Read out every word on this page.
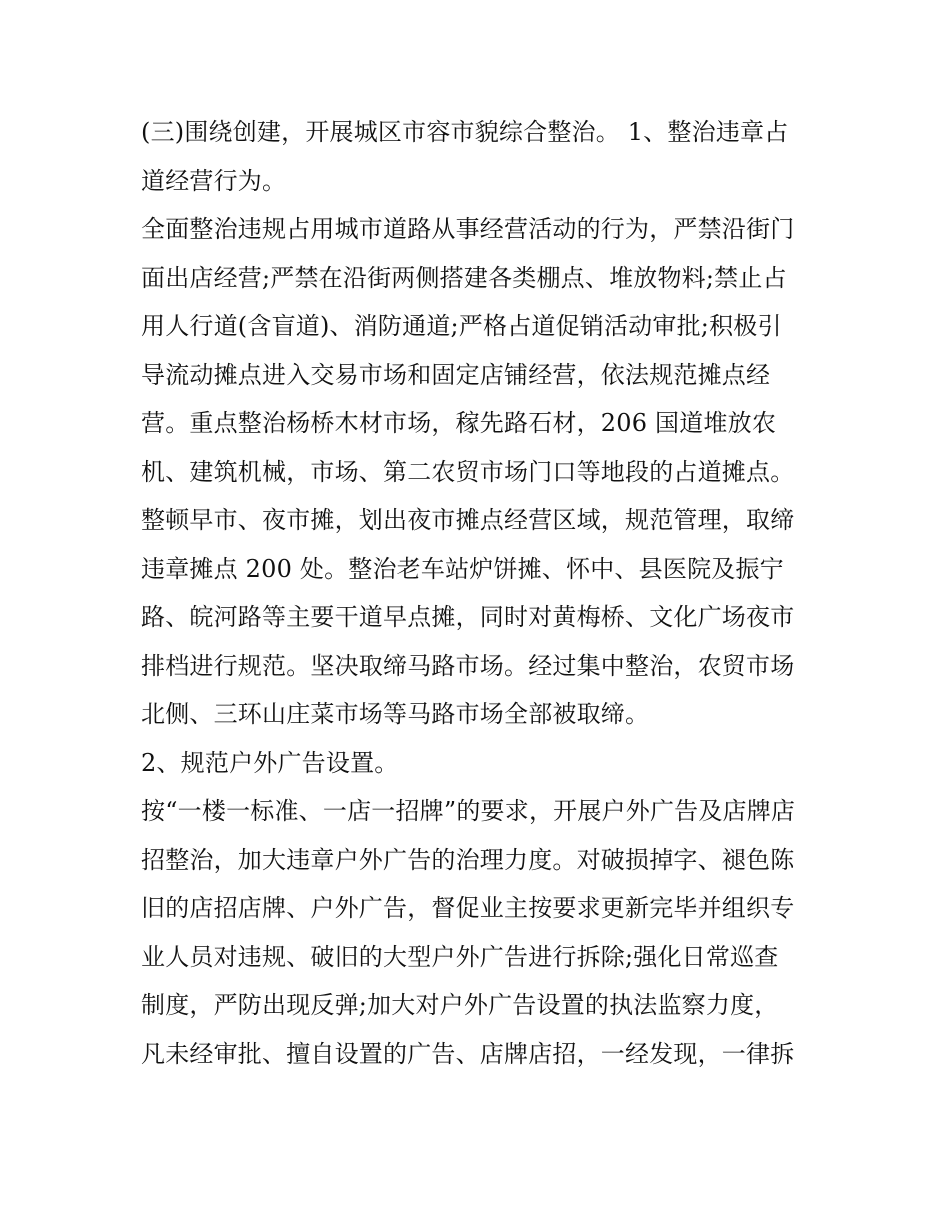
(三)围绕创建，开展城区市容市貌综合整治。 1、整治违章占
道经营行为。
全面整治违规占用城市道路从事经营活动的行为，严禁沿街门
面出店经营;严禁在沿街两侧搭建各类棚点、堆放物料;禁止占
用人行道(含盲道)、消防通道;严格占道促销活动审批;积极引
导流动摊点进入交易市场和固定店铺经营，依法规范摊点经
营。重点整治杨桥木材市场，稼先路石材，206 国道堆放农
机、建筑机械，市场、第二农贸市场门口等地段的占道摊点。
整顿早市、夜市摊，划出夜市摊点经营区域，规范管理，取缔
违章摊点 200 处。整治老车站炉饼摊、怀中、县医院及振宁
路、皖河路等主要干道早点摊，同时对黄梅桥、文化广场夜市
排档进行规范。坚决取缔马路市场。经过集中整治，农贸市场
北侧、三环山庄菜市场等马路市场全部被取缔。
2、规范户外广告设置。
按“一楼一标准、一店一招牌”的要求，开展户外广告及店牌店
招整治，加大违章户外广告的治理力度。对破损掉字、褪色陈
旧的店招店牌、户外广告，督促业主按要求更新完毕并组织专
业人员对违规、破旧的大型户外广告进行拆除;强化日常巡查
制度，严防出现反弹;加大对户外广告设置的执法监察力度，
凡未经审批、擅自设置的广告、店牌店招，一经发现，一律拆
